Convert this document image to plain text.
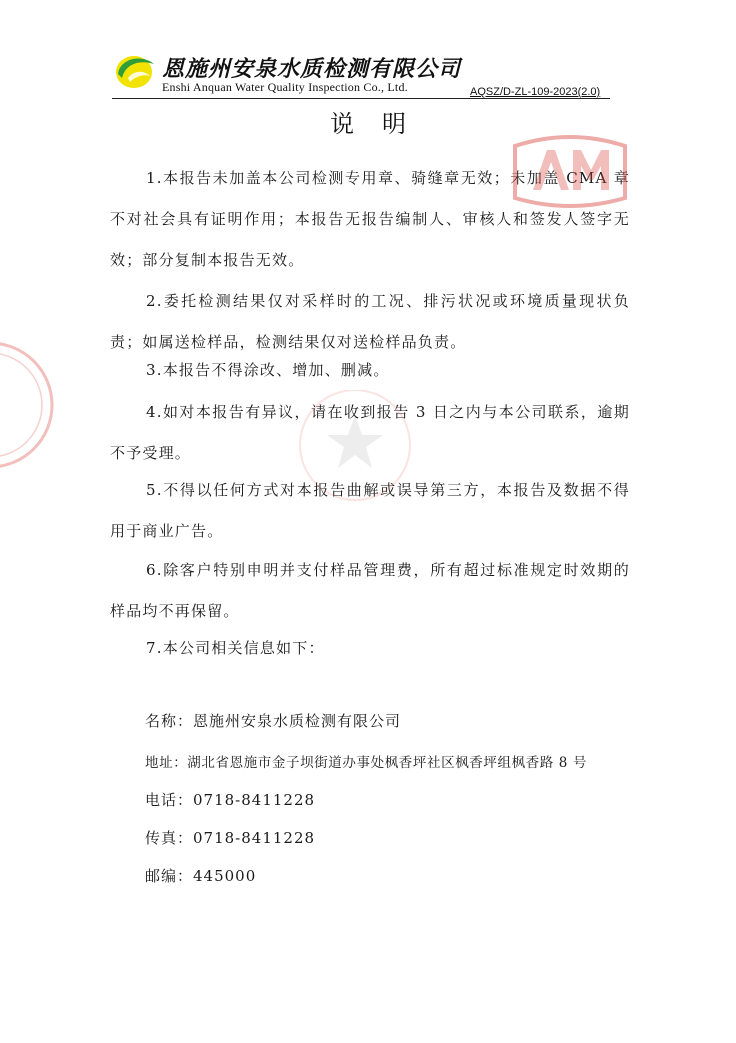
恩施州安泉水质检测有限公司
Enshi Anquan Water Quality Inspection Co., Ltd.	AQSZ/D-ZL-109-2023(2.0)
说明
1.本报告未加盖本公司检测专用章、骑缝章无效；未加盖 CMA 章不对社会具有证明作用；本报告无报告编制人、审核人和签发人签字无效；部分复制本报告无效。
2.委托检测结果仅对采样时的工况、排污状况或环境质量现状负责；如属送检样品，检测结果仅对送检样品负责。
3.本报告不得涂改、增加、删减。
4.如对本报告有异议，请在收到报告 3 日之内与本公司联系，逾期不予受理。
5.不得以任何方式对本报告曲解或误导第三方，本报告及数据不得用于商业广告。
6.除客户特别申明并支付样品管理费，所有超过标准规定时效期的样品均不再保留。
7.本公司相关信息如下：
名称：恩施州安泉水质检测有限公司
地址：湖北省恩施市金子坝街道办事处枫香坪社区枫香坪组枫香路 8 号
电话：0718-8411228
传真：0718-8411228
邮编：445000
